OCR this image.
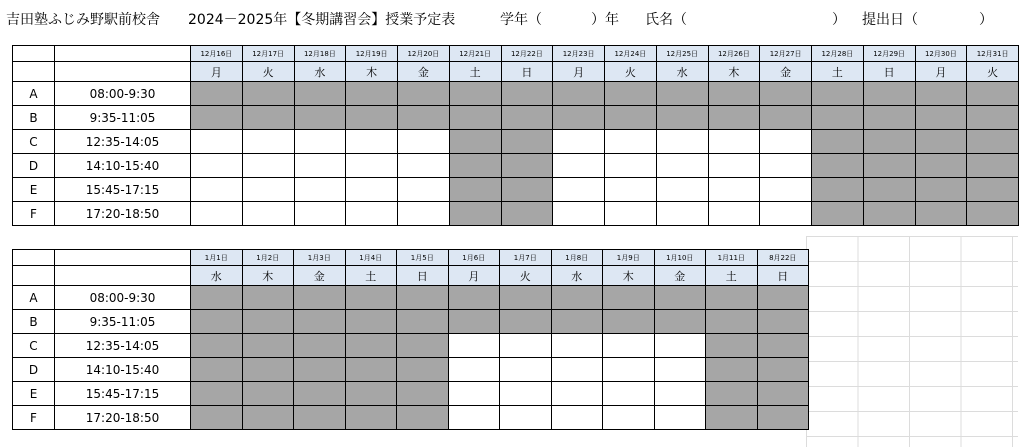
吉田塾ふじみ野駅前校舎 2024－2025年【冬期講習会】授業予定表	学年（	）年 氏名（	） 提出日（	）
		12月16日	12月17日	12月18日	12月19日	12月20日	12月21日	12月22日	12月23日	12月24日	12月25日	12月26日	12月27日	12月28日	12月29日	12月30日	12月31日
		月	火	水	木	金	土	日	月	火	水	木	金	土	日	月	火
A	08:00-9:30																
B	9:35-11:05																
C	12:35-14:05																
D	14:10-15:40																
E	15:45-17:15																
F	17:20-18:50																
		1月1日	1月2日	1月3日	1月4日	1月5日	1月6日	1月7日	1月8日	1月9日	1月10日	1月11日	8月22日
		水	木	金	土	日	月	火	水	木	金	土	日
A	08:00-9:30												
B	9:35-11:05												
C	12:35-14:05												
D	14:10-15:40												
E	15:45-17:15												
F	17:20-18:50												
